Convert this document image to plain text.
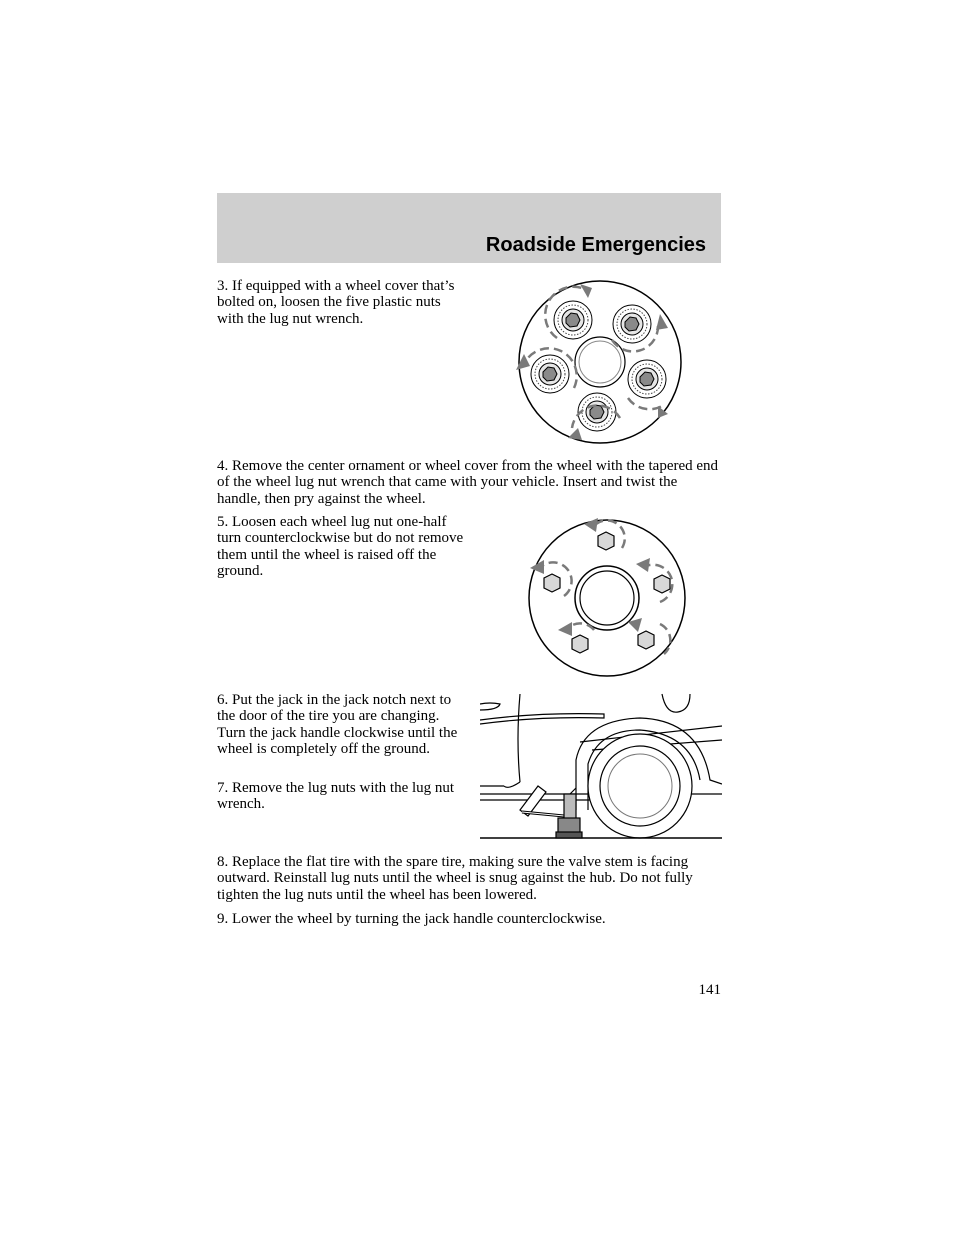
Roadside Emergencies

3. If equipped with a wheel cover that’s bolted on, loosen the five plastic nuts with the lug nut wrench.

4. Remove the center ornament or wheel cover from the wheel with the tapered end of the wheel lug nut wrench that came with your vehicle. Insert and twist the handle, then pry against the wheel.

5. Loosen each wheel lug nut one-half turn counterclockwise but do not remove them until the wheel is raised off the ground.

6. Put the jack in the jack notch next to the door of the tire you are changing. Turn the jack handle clockwise until the wheel is completely off the ground.

7. Remove the lug nuts with the lug nut wrench.

8. Replace the flat tire with the spare tire, making sure the valve stem is facing outward. Reinstall lug nuts until the wheel is snug against the hub. Do not fully tighten the lug nuts until the wheel has been lowered.

9. Lower the wheel by turning the jack handle counterclockwise.

141
